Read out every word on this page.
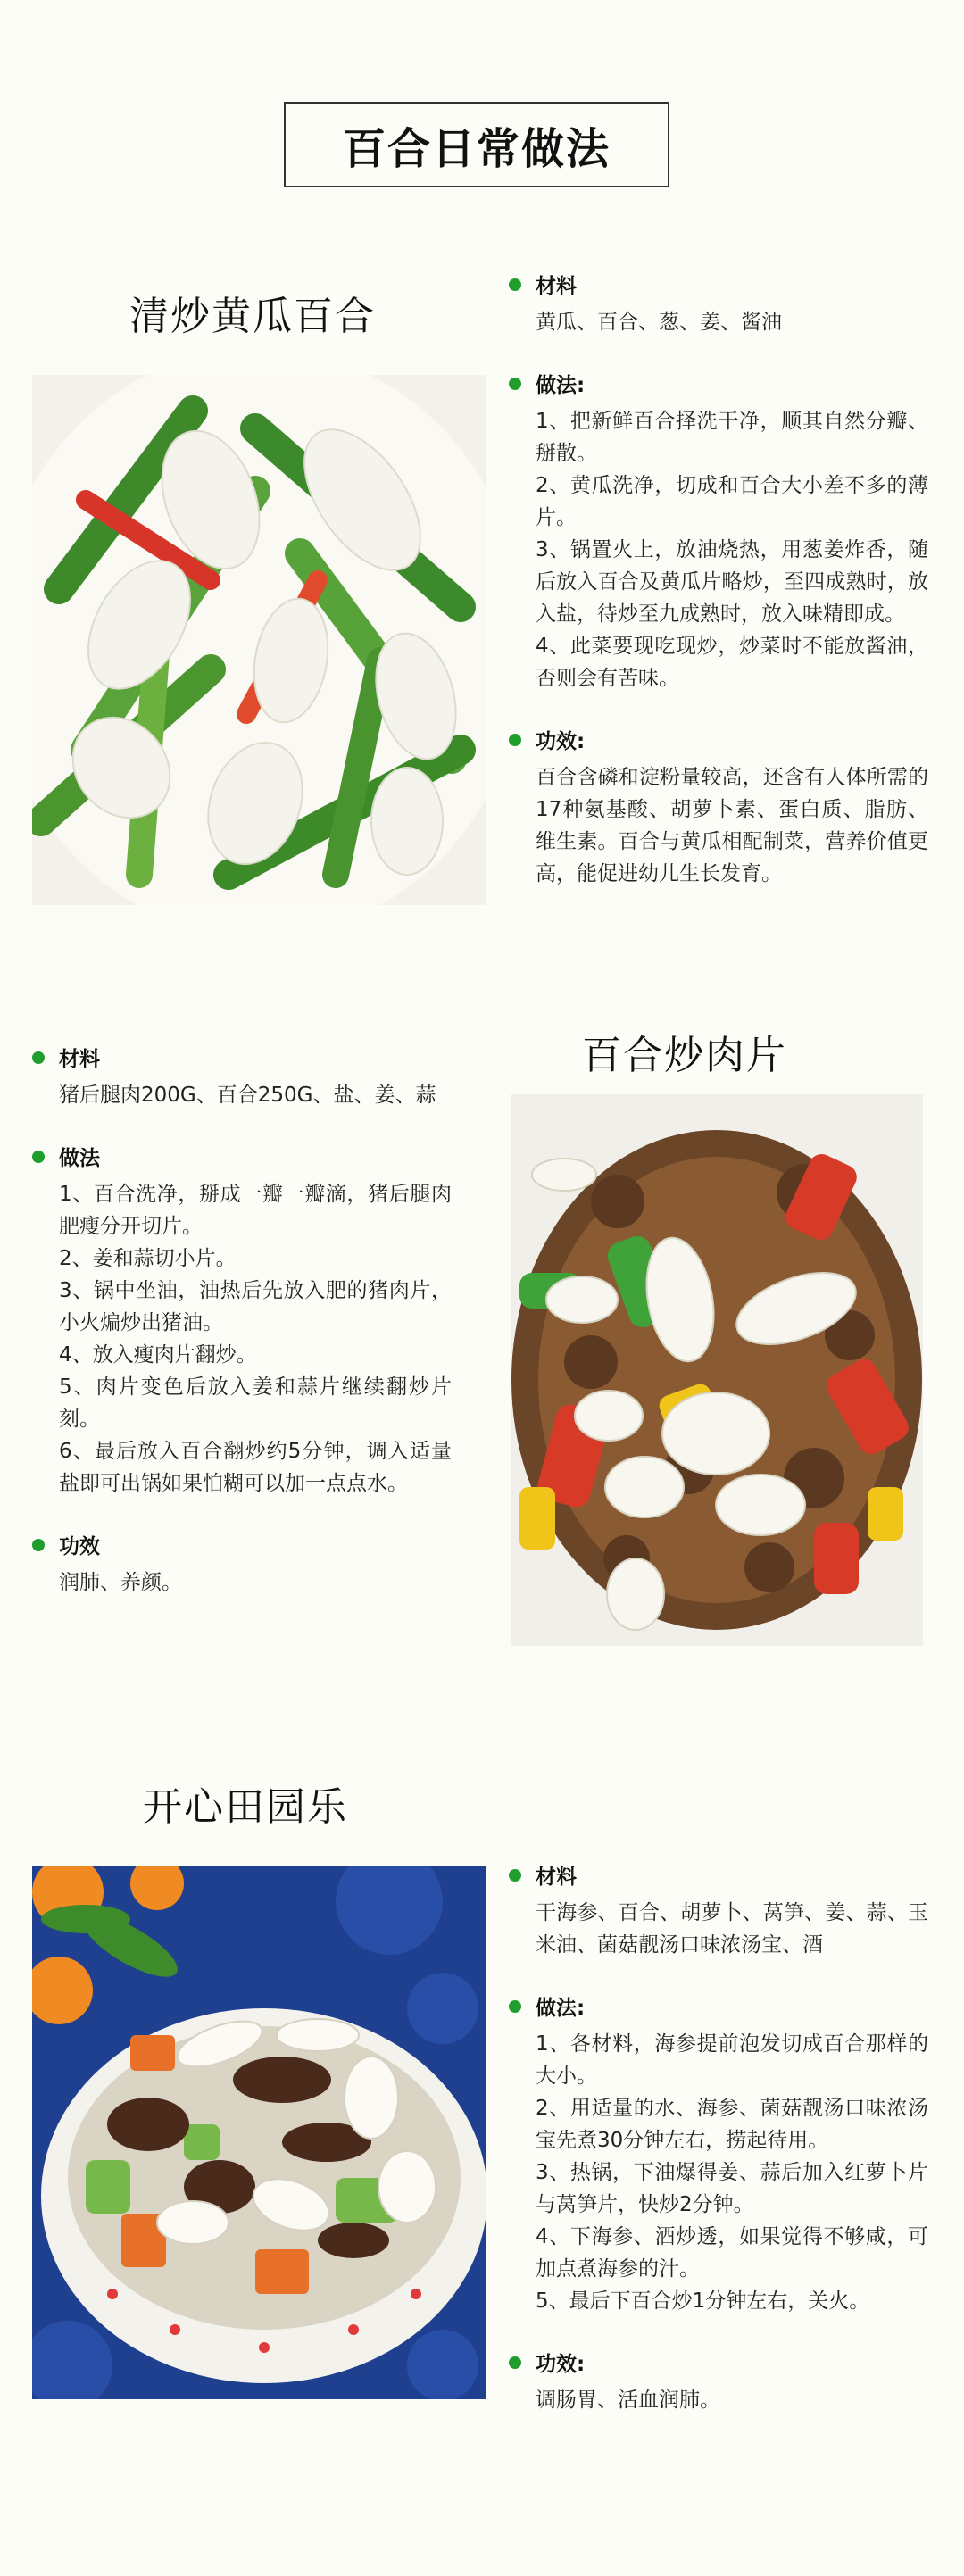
百合日常做法
清炒黄瓜百合
材料

黄瓜、百合、葱、姜、酱油

做法:

1、把新鲜百合择洗干净，顺其自然分瓣、掰散。

2、黄瓜洗净，切成和百合大小差不多的薄片。

3、锅置火上，放油烧热，用葱姜炸香，随后放入百合及黄瓜片略炒，至四成熟时，放入盐，待炒至九成熟时，放入味精即成。

4、此菜要现吃现炒，炒菜时不能放酱油，否则会有苦味。

功效:

百合含磷和淀粉量较高，还含有人体所需的17种氨基酸、胡萝卜素、蛋白质、脂肪、维生素。百合与黄瓜相配制菜，营养价值更高，能促进幼儿生长发育。

材料

猪后腿肉200G、百合250G、盐、姜、蒜

做法

1、百合洗净，掰成一瓣一瓣滴，猪后腿肉肥瘦分开切片。

2、姜和蒜切小片。

3、锅中坐油，油热后先放入肥的猪肉片， 小火煸炒出猪油。

4、放入瘦肉片翻炒。

5、肉片变色后放入姜和蒜片继续翻炒片刻。

6、最后放入百合翻炒约5分钟，调入适量盐即可出锅如果怕糊可以加一点点水。

功效

润肺、养颜。

百合炒肉片
开心田园乐
材料

干海参、百合、胡萝卜、莴笋、姜、蒜、玉米油、菌菇靓汤口味浓汤宝、酒

做法:

1、各材料，海参提前泡发切成百合那样的大小。

2、用适量的水、海参、菌菇靓汤口味浓汤宝先煮30分钟左右，捞起待用。

3、热锅，下油爆得姜、蒜后加入红萝卜片与莴笋片，快炒2分钟。

4、下海参、酒炒透，如果觉得不够咸，可加点煮海参的汁。

5、最后下百合炒1分钟左右，关火。

功效:

调肠胃、活血润肺。
